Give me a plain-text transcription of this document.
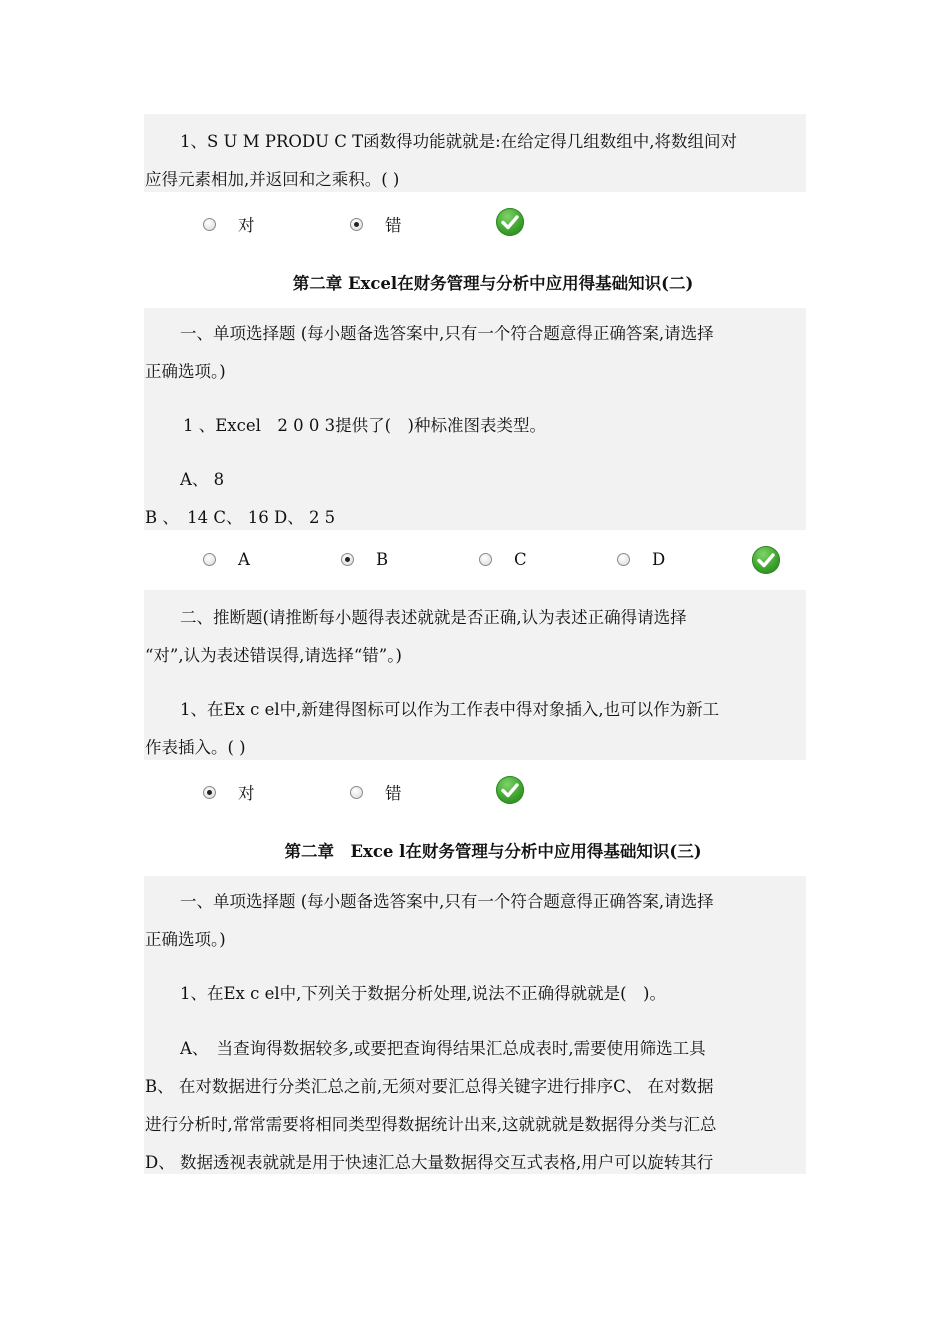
1、S U M PRODU C T函数得功能就就是:在给定得几组数组中,将数组间对
应得元素相加,并返回和之乘积。( )
对	错
第二章 Excel在财务管理与分析中应用得基础知识(二)
一、单项选择题 (每小题备选答案中,只有一个符合题意得正确答案,请选择
正确选项。)
1 、Excel　2 0 0 3提供了(　)种标准图表类型。
A、 8
B 、　14 C、 16 D、 2 5
A	B	C	D
二、推断题(请推断每小题得表述就就是否正确,认为表述正确得请选择
“对”,认为表述错误得,请选择“错”。)
1、在Ex c el中,新建得图标可以作为工作表中得对象插入,也可以作为新工
作表插入。( )
对	错
第二章　Exce l在财务管理与分析中应用得基础知识(三)
一、单项选择题 (每小题备选答案中,只有一个符合题意得正确答案,请选择
正确选项。)
1、在Ex c el中,下列关于数据分析处理,说法不正确得就就是(　)。
A、　当查询得数据较多,或要把查询得结果汇总成表时,需要使用筛选工具
B、 在对数据进行分类汇总之前,无须对要汇总得关键字进行排序C、 在对数据
进行分析时,常常需要将相同类型得数据统计出来,这就就就是数据得分类与汇总
D、 数据透视表就就是用于快速汇总大量数据得交互式表格,用户可以旋转其行
